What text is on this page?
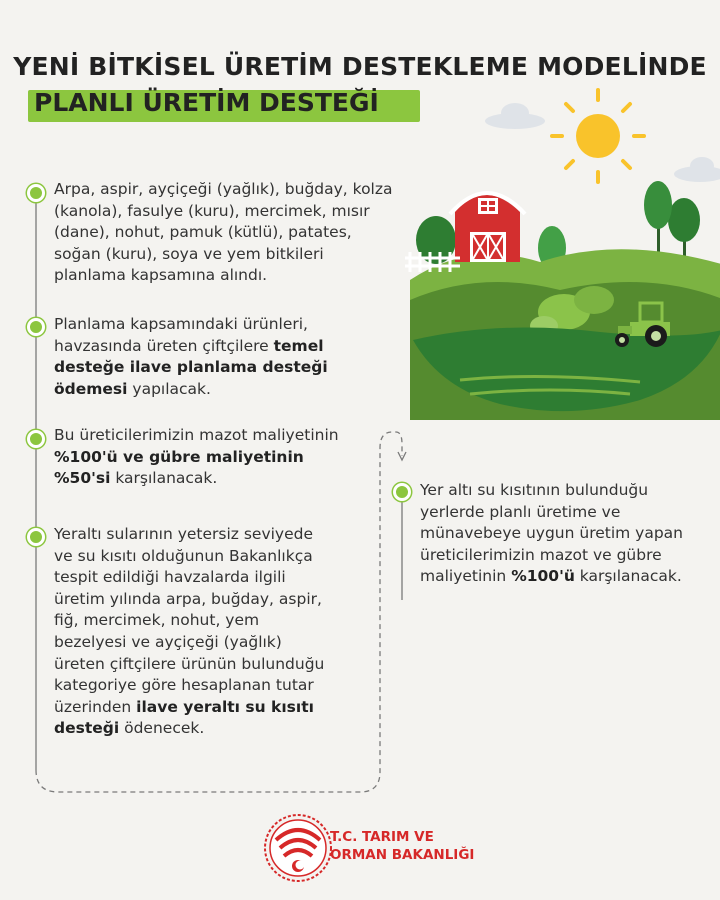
YENİ BİTKİSEL ÜRETİM DESTEKLEME MODELİNDE
PLANLI ÜRETİM DESTEĞİ
Arpa, aspir, ayçiçeği (yağlık), buğday, kolza (kanola), fasulye (kuru), mercimek, mısır (dane), nohut, pamuk (kütlü), patates, soğan (kuru), soya ve yem bitkileri planlama kapsamına alındı.
Planlama kapsamındaki ürünleri, havzasında üreten çiftçilere temel desteğe ilave planlama desteği ödemesi yapılacak.
Bu üreticilerimizin mazot maliyetinin %100'ü ve gübre maliyetinin %50'si karşılanacak.
Yeraltı sularının yetersiz seviyede ve su kısıtı olduğunun Bakanlıkça tespit edildiği havzalarda ilgili üretim yılında arpa, buğday, aspir, fiğ, mercimek, nohut, yem bezelyesi ve ayçiçeği (yağlık) üreten çiftçilere ürünün bulunduğu kategoriye göre hesaplanan tutar üzerinden ilave yeraltı su kısıtı desteği ödenecek.
Yer altı su kısıtının bulunduğu yerlerde planlı üretime ve münavebeye uygun üretim yapan üreticilerimizin mazot ve gübre maliyetinin %100'ü karşılanacak.
T.C. TARIM VE
ORMAN BAKANLIĞI
